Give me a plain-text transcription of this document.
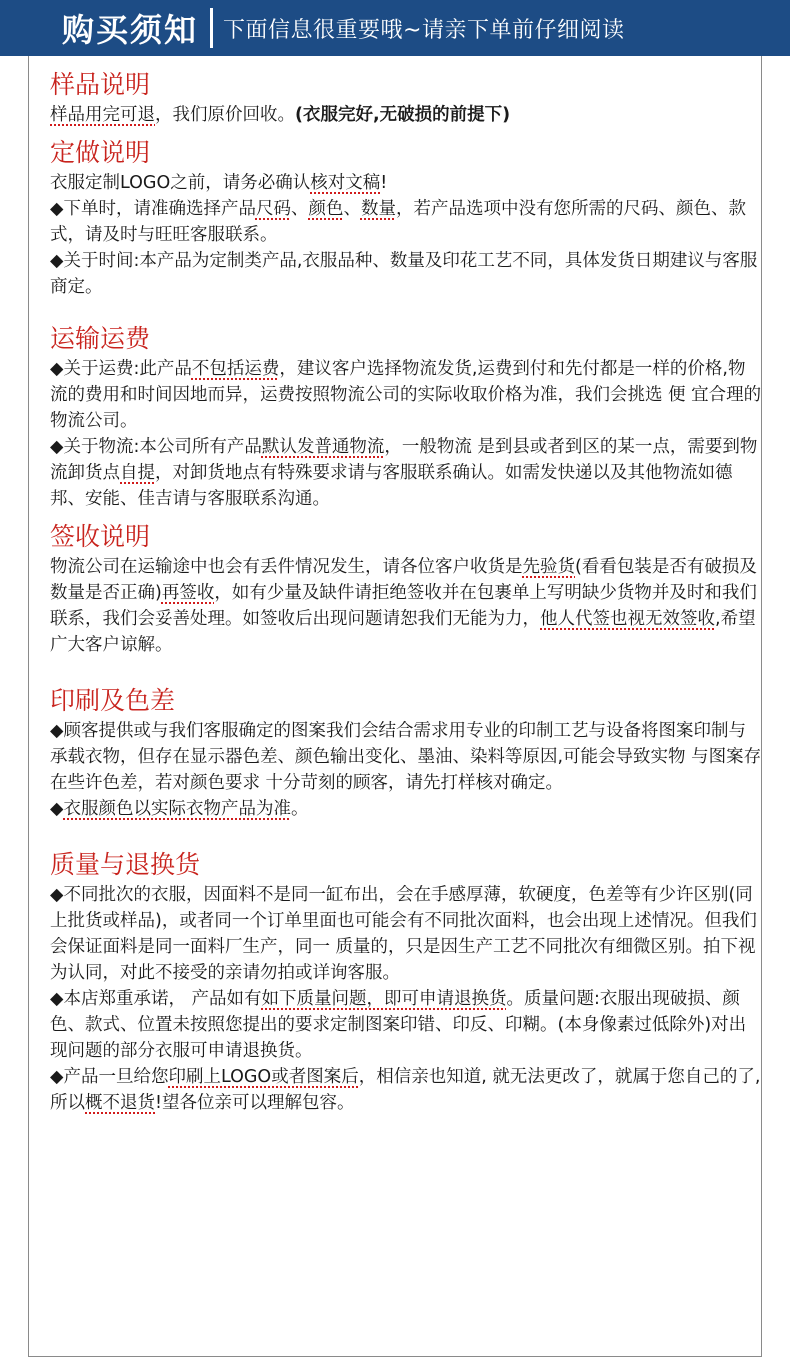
购买须知 下面信息很重要哦~请亲下单前仔细阅读
样品说明

样品用完可退，我们原价回收。(衣服完好,无破损的前提下)

定做说明

衣服定制LOGO之前，请务必确认核对文稿!

◆下单时，请准确选择产品尺码、颜色、数量，若产品选项中没有您所需的尺码、颜色、款式，请及时与旺旺客服联系。

◆关于时间:本产品为定制类产品,衣服品种、数量及印花工艺不同，具体发货日期建议与客服商定。

运输运费

◆关于运费:此产品不包括运费，建议客户选择物流发货,运费到付和先付都是一样的价格,物流的费用和时间因地而异，运费按照物流公司的实际收取价格为准，我们会挑选 便 宜合理的物流公司。

◆关于物流:本公司所有产品默认发普通物流，一般物流 是到县或者到区的某一点，需要到物流卸货点自提，对卸货地点有特殊要求请与客服联系确认。如需发快递以及其他物流如德邦、安能、佳吉请与客服联系沟通。

签收说明

物流公司在运输途中也会有丢件情况发生，请各位客户收货是先验货(看看包装是否有破损及数量是否正确)再签收，如有少量及缺件请拒绝签收并在包裹单上写明缺少货物并及时和我们联系，我们会妥善处理。如签收后出现问题请恕我们无能为力，他人代签也视无效签收,希望广大客户谅解。

印刷及色差

◆顾客提供或与我们客服确定的图案我们会结合需求用专业的印制工艺与设备将图案印制与承载衣物，但存在显示器色差、颜色输出变化、墨油、染料等原因,可能会导致实物 与图案存在些许色差，若对颜色要求 十分苛刻的顾客，请先打样核对确定。

◆衣服颜色以实际衣物产品为准。

质量与退换货

◆不同批次的衣服，因面料不是同一缸布出，会在手感厚薄，软硬度，色差等有少许区别(同上批货或样品)，或者同一个订单里面也可能会有不同批次面料，也会出现上述情况。但我们会保证面料是同一面料厂生产，同一 质量的，只是因生产工艺不同批次有细微区别。拍下视为认同，对此不接受的亲请勿拍或详询客服。

◆本店郑重承诺， 产品如有如下质量问题，即可申请退换货。质量问题:衣服出现破损、颜色、款式、位置未按照您提出的要求定制图案印错、印反、印糊。(本身像素过低除外)对出现问题的部分衣服可申请退换货。

◆产品一旦给您印刷上LOGO或者图案后，相信亲也知道, 就无法更改了，就属于您自己的了,所以概不退货!望各位亲可以理解包容。
